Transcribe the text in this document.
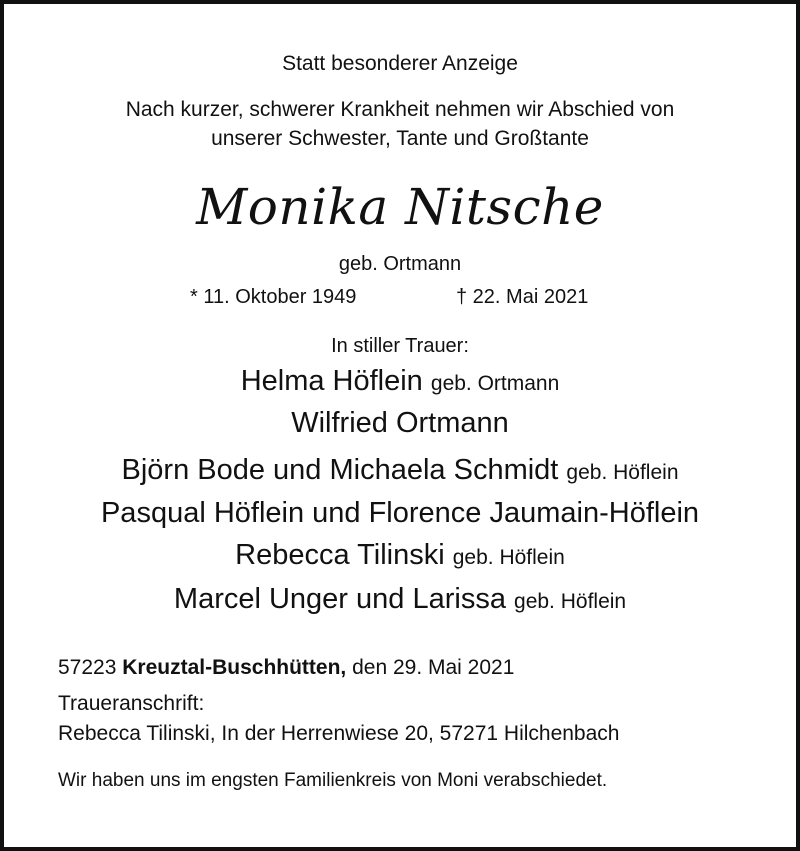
Statt besonderer Anzeige
Nach kurzer, schwerer Krankheit nehmen wir Abschied von
unserer Schwester, Tante und Großtante
Monika Nitsche
geb. Ortmann
* 11. Oktober 1949	† 22. Mai 2021
In stiller Trauer:
Helma Höflein geb. Ortmann
Wilfried Ortmann
Björn Bode und Michaela Schmidt geb. Höflein
Pasqual Höflein und Florence Jaumain-Höflein
Rebecca Tilinski geb. Höflein
Marcel Unger und Larissa geb. Höflein
57223 Kreuztal-Buschhütten, den 29. Mai 2021
Traueranschrift:
Rebecca Tilinski, In der Herrenwiese 20, 57271 Hilchenbach
Wir haben uns im engsten Familienkreis von Moni verabschiedet.
